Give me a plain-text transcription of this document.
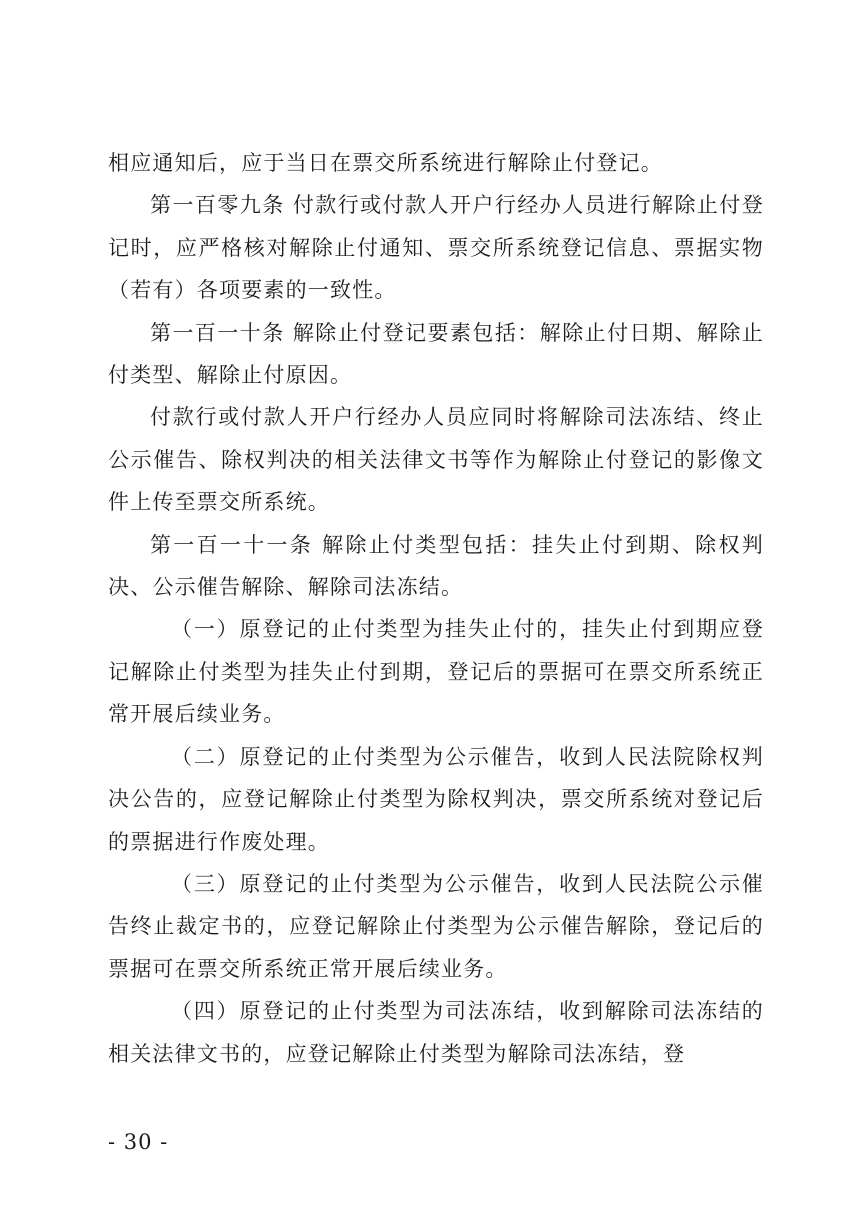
相应通知后，应于当日在票交所系统进行解除止付登记。

第一百零九条 付款行或付款人开户行经办人员进行解除止付登记时，应严格核对解除止付通知、票交所系统登记信息、票据实物（若有）各项要素的一致性。

第一百一十条 解除止付登记要素包括：解除止付日期、解除止付类型、解除止付原因。

付款行或付款人开户行经办人员应同时将解除司法冻结、终止公示催告、除权判决的相关法律文书等作为解除止付登记的影像文件上传至票交所系统。

第一百一十一条 解除止付类型包括：挂失止付到期、除权判决、公示催告解除、解除司法冻结。

（一）原登记的止付类型为挂失止付的，挂失止付到期应登记解除止付类型为挂失止付到期，登记后的票据可在票交所系统正常开展后续业务。

（二）原登记的止付类型为公示催告，收到人民法院除权判决公告的，应登记解除止付类型为除权判决，票交所系统对登记后的票据进行作废处理。

（三）原登记的止付类型为公示催告，收到人民法院公示催告终止裁定书的，应登记解除止付类型为公示催告解除，登记后的票据可在票交所系统正常开展后续业务。

（四）原登记的止付类型为司法冻结，收到解除司法冻结的相关法律文书的，应登记解除止付类型为解除司法冻结，登

- 30 -
